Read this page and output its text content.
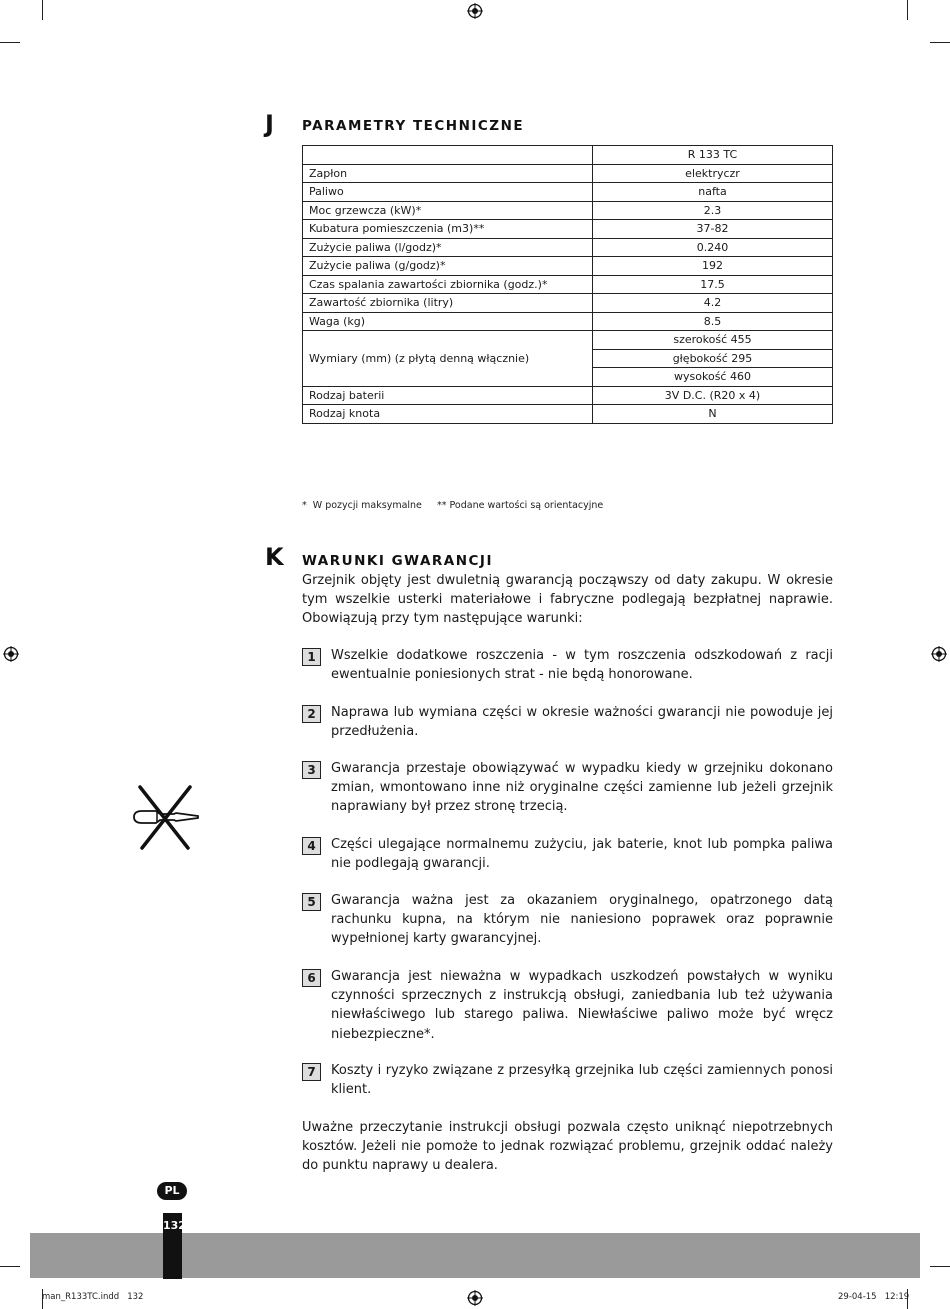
J PARAMETRY TECHNICZNE
	R 133 TC
Zapłon	elektryczr
Paliwo	nafta
Moc grzewcza (kW)*	2.3
Kubatura pomieszczenia (m3)**	37-82
Zużycie paliwa (l/godz)*	0.240
Zużycie paliwa (g/godz)*	192
Czas spalania zawartości zbiornika (godz.)*	17.5
Zawartość zbiornika (litry)	4.2
Waga (kg)	8.5
Wymiary (mm) (z płytą denną włącznie)	szerokość 455
	głębokość 295
	wysokość 460
Rodzaj baterii	3V D.C. (R20 x 4)
Rodzaj knota	N
*  W pozycji maksymalne     ** Podane wartości są orientacyjne
K WARUNKI GWARANCJI
Grzejnik objęty jest dwuletnią gwarancją począwszy od daty zakupu. W okresie tym wszelkie usterki materiałowe i fabryczne podlegają bezpłatnej naprawie. Obowiązują przy tym następujące warunki:
1	Wszelkie dodatkowe roszczenia - w tym roszczenia odszkodowań z racji ewentualnie poniesionych strat - nie będą honorowane.
2	Naprawa lub wymiana części w okresie ważności gwarancji nie powoduje jej przedłużenia.
3	Gwarancja przestaje obowiązywać w wypadku kiedy w grzejniku dokonano zmian, wmontowano inne niż oryginalne części zamienne lub jeżeli grzejnik naprawiany był przez stronę trzecią.
4	Części ulegające normalnemu zużyciu, jak baterie, knot lub pompka paliwa nie podlegają gwarancji.
5	Gwarancja ważna jest za okazaniem oryginalnego, opatrzonego datą rachunku kupna, na którym nie naniesiono poprawek oraz poprawnie wypełnionej karty gwarancyjnej.
6	Gwarancja jest nieważna w wypadkach uszkodzeń powstałych w wyniku czynności sprzecznych z instrukcją obsługi, zaniedbania lub też używania niewłaściwego lub starego paliwa. Niewłaściwe paliwo może być wręcz niebezpieczne*.
7	Koszty i ryzyko związane z przesyłką grzejnika lub części zamiennych ponosi klient.
Uważne przeczytanie instrukcji obsługi pozwala często uniknąć niepotrzebnych kosztów. Jeżeli nie pomoże to jednak rozwiązać problemu, grzejnik oddać należy do punktu naprawy u dealera.
PL
132
man_R133TC.indd   132	29-04-15   12:19
